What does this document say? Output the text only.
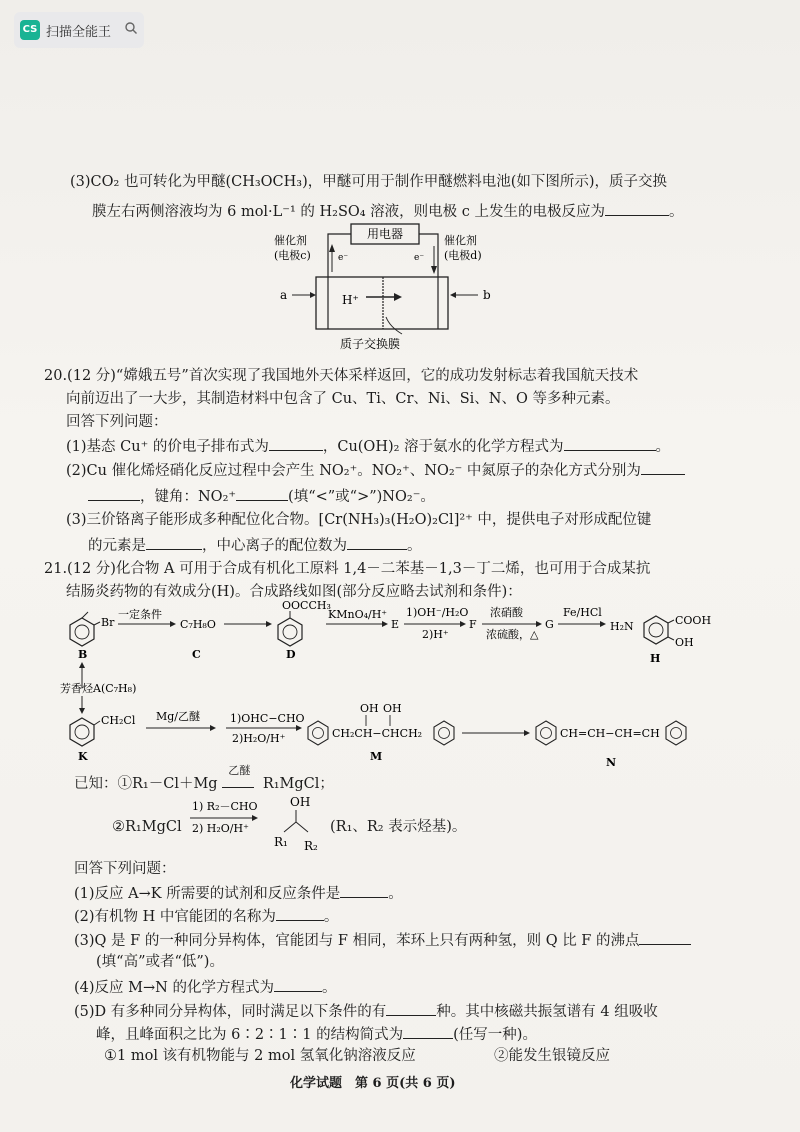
CS 扫描全能王
(3)CO₂ 也可转化为甲醚(CH₃OCH₃)，甲醚可用于制作甲醚燃料电池(如下图所示)，质子交换
膜左右两侧溶液均为 6 mol·L⁻¹ 的 H₂SO₄ 溶液，则电极 c 上发生的电极反应为	。
用电器
催化剂
(电极c)
催化剂
(电极d)
e⁻	e⁻
a	b
H⁺
质子交换膜
20.(12 分)“嫦娥五号”首次实现了我国地外天体采样返回，它的成功发射标志着我国航天技术
向前迈出了一大步，其制造材料中包含了 Cu、Ti、Cr、Ni、Si、N、O 等多种元素。
回答下列问题：
(1)基态 Cu⁺ 的价电子排布式为	，Cu(OH)₂ 溶于氨水的化学方程式为	。
(2)Cu 催化烯烃硝化反应过程中会产生 NO₂⁺。NO₂⁺、NO₂⁻ 中氮原子的杂化方式分别为
，键角：NO₂⁺	(填“<”或“>”)NO₂⁻。
(3)三价铬离子能形成多种配位化合物。[Cr(NH₃)₃(H₂O)₂Cl]²⁺ 中，提供电子对形成配位键
的元素是	，中心离子的配位数为	。
21.(12 分)化合物 A 可用于合成有机化工原料 1,4－二苯基－1,3－丁二烯，也可用于合成某抗
结肠炎药物的有效成分(H)。合成路线如图(部分反应略去试剂和条件)：
Br
B
一定条件
C₇H₈O
C
OOCCH₃
D
KMnO₄/H⁺
E
1)OH⁻/H₂O
2)H⁺
F
浓硝酸
浓硫酸，△
G
Fe/HCl
H₂N	COOH
OH
H
芳香烃A(C₇H₈)
CH₂Cl
K
Mg/乙醚	1)OHC−CHO
2)H₂O/H⁺	CH₂CH−CHCH₂
OH OH
M
CH=CH−CH=CH
N
已知：①R₁－Cl＋Mg
乙醚
R₁MgCl；
②R₁MgCl
1) R₂－CHO
2) H₂O/H⁺
OH
R₁ R₂
(R₁、R₂ 表示烃基)。
回答下列问题：
(1)反应 A→K 所需要的试剂和反应条件是	。
(2)有机物 H 中官能团的名称为	。
(3)Q 是 F 的一种同分异构体，官能团与 F 相同，苯环上只有两种氢，则 Q 比 F 的沸点
(填“高”或者“低”)。
(4)反应 M→N 的化学方程式为	。
(5)D 有多种同分异构体，同时满足以下条件的有	种。其中核磁共振氢谱有 4 组吸收
峰，且峰面积之比为 6∶2∶1∶1 的结构简式为	(任写一种)。
①1 mol 该有机物能与 2 mol 氢氧化钠溶液反应	②能发生银镜反应
化学试题　第 6 页(共 6 页)
